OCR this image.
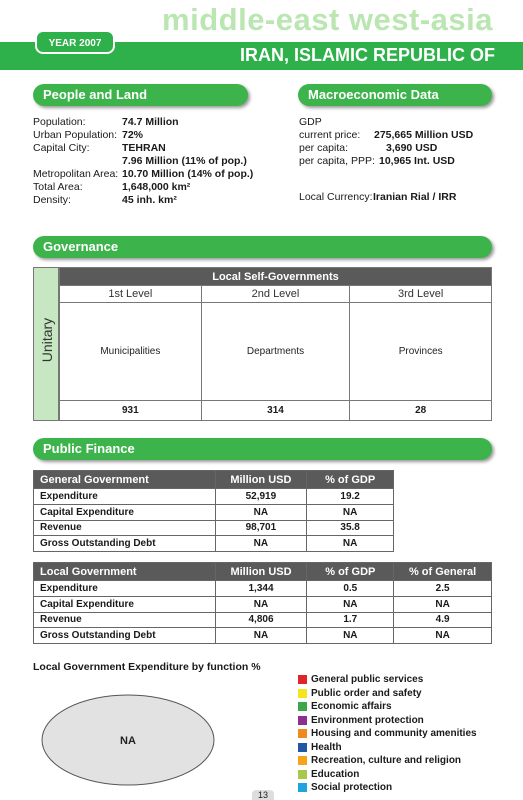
middle-east west-asia
IRAN, ISLAMIC REPUBLIC OF
YEAR 2007
People and Land
Population:	74.7 Million
Urban Population: 72%
Capital City:	TEHRAN
7.96 Million (11% of pop.)
Metropolitan Area: 10.70 Million (14% of pop.)
Total Area:	1,648,000 km²
Density:	45 inh. km²
Macroeconomic Data
GDP
current price: 275,665 Million USD
per capita:	3,690 USD
per capita, PPP: 10,965 Int. USD
Local Currency: Iranian Rial / IRR
Governance
Unitary
Local Self-Governments		
1st Level	2nd Level	3rd Level
Municipalities	Departments	Provinces
931	314	28
Public Finance
General Government	Million USD	% of GDP
Expenditure	52,919	19.2
Capital Expenditure	NA	NA
Revenue	98,701	35.8
Gross Outstanding Debt	NA	NA
Local Government	Million USD	% of GDP	% of General
Expenditure	1,344	0.5	2.5
Capital Expenditure	NA	NA	NA
Revenue	4,806	1.7	4.9
Gross Outstanding Debt	NA	NA	NA
Local Government Expenditure by function %
NA
General public services
Public order and safety
Economic affairs
Environment protection
Housing and community amenities
Health
Recreation, culture and religion
Education
Social protection
13
